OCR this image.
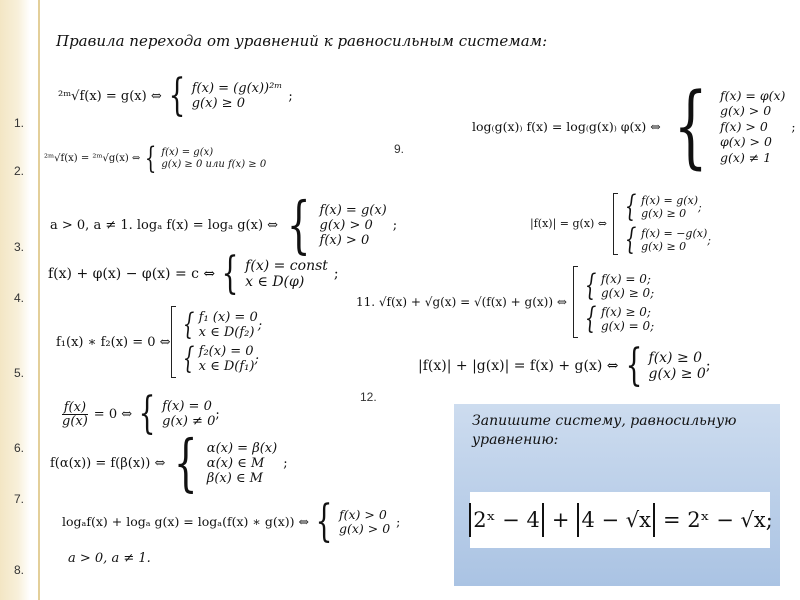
Правила перехода от уравнений к равносильным системам:
1.
2.
3.
4.
5.
6.
7.
8.
9.
12.
²ᵐ√f(x) = g(x) ⇔ { f(x) = (g(x))²ᵐ
g(x) ≥ 0	;
²ᵐ√f(x) = ²ᵐ√g(x) ⇔ { f(x) = g(x)
g(x) ≥ 0 или f(x) ≥ 0
a > 0, a ≠ 1. logₐ f(x) = logₐ g(x) ⇔ { f(x) = g(x)
g(x) > 0
f(x) > 0
;
f(x) + φ(x) − φ(x) = c ⇔ { f(x) = const
x ∈ D(φ)	;
f₁(x) ∗ f₂(x) = 0 ⇔ { f₁ (x) = 0
x ∈ D(f₂) ;
{ f₂(x) = 0
x ∈ D(f₁) ;
$\frac{f(x)}{g(x)} = 0$ ⇔ { f(x) = 0
g(x) ≠ 0 ;
f(α(x)) = f(β(x)) ⇔ { α(x) = β(x)
α(x) ∈ M
β(x) ∈ M
;
logₐf(x) + logₐ g(x) = logₐ(f(x) ∗ g(x)) ⇔ { f(x) > 0
g(x) > 0 ;
a > 0, a ≠ 1.
log₍g(x)₎ f(x) = log₍g(x)₎ φ(x) ⇔ { f(x) = φ(x)
g(x) > 0
f(x) > 0
φ(x) > 0
g(x) ≠ 1
;
|f(x)| = g(x) ⇔ { f(x) = g(x)
g(x) ≥ 0	;
{ f(x) = −g(x)
g(x) ≥ 0	;
11. √f(x) + √g(x) = √(f(x) + g(x)) ⇔ { f(x) = 0 ;
g(x) ≥ 0 ;
{ f(x) ≥ 0 ;
g(x) = 0 ;
|f(x)| + |g(x)| = f(x) + g(x) ⇔ { f(x) ≥ 0
g(x) ≥ 0 ;
Запишите систему, равносильную уравнению:
2ˣ − 4 + 4 − √x = 2ˣ − √x;
